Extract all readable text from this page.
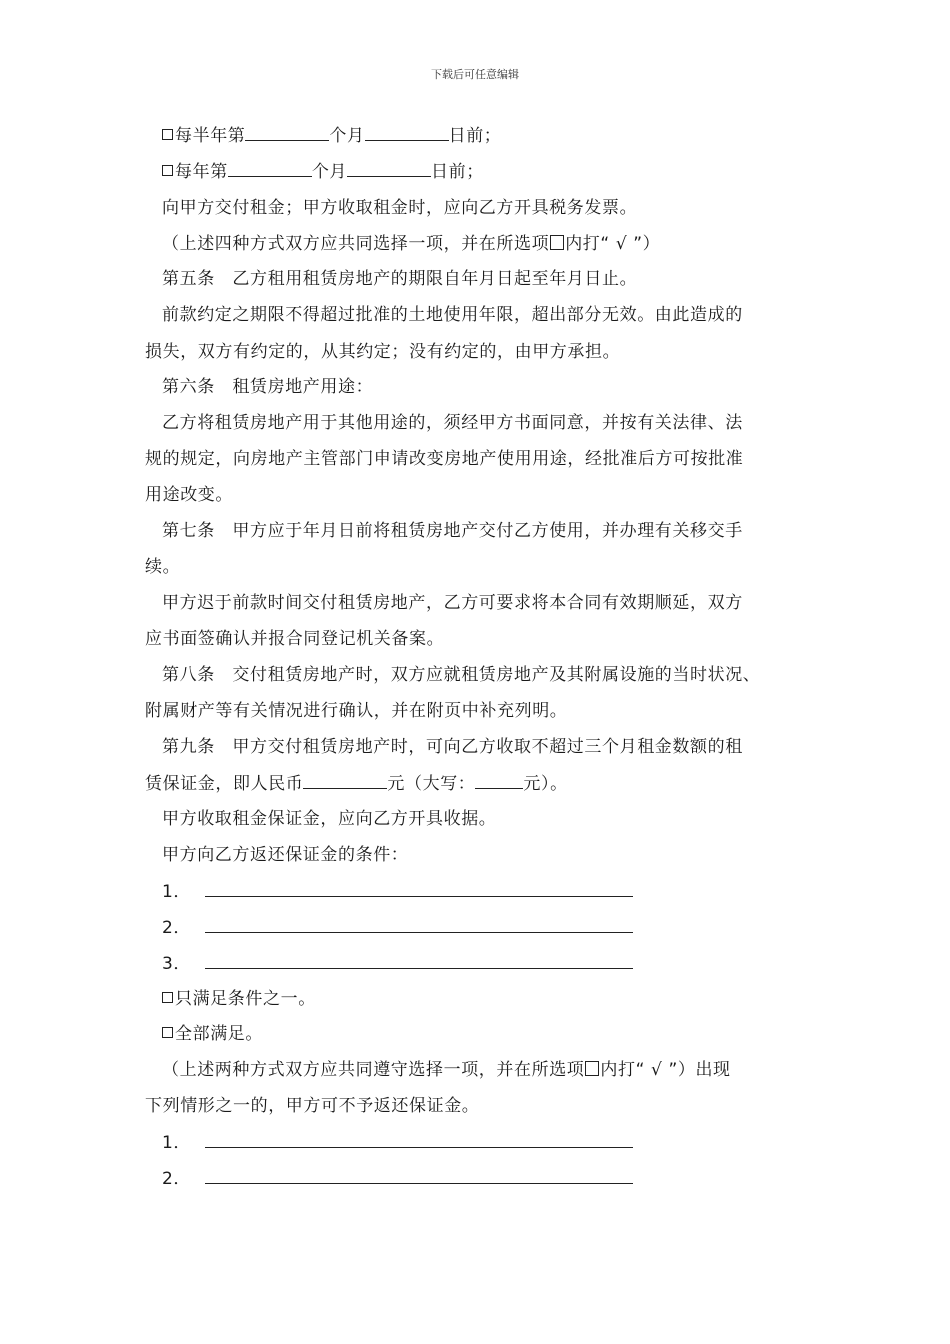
下载后可任意编辑
每半年第	个月	日前；
每年第	个月	日前；
向甲方交付租金；甲方收取租金时，应向乙方开具税务发票。
（上述四种方式双方应共同选择一项，并在所选项 内打“ √ ”）
第五条　乙方租用租赁房地产的期限自年月日起至年月日止。
前款约定之期限不得超过批准的土地使用年限，超出部分无效。由此造成的
损失，双方有约定的，从其约定；没有约定的，由甲方承担。
第六条　租赁房地产用途：
乙方将租赁房地产用于其他用途的，须经甲方书面同意，并按有关法律、法
规的规定，向房地产主管部门申请改变房地产使用用途，经批准后方可按批准
用途改变。
第七条　甲方应于年月日前将租赁房地产交付乙方使用，并办理有关移交手
续。
甲方迟于前款时间交付租赁房地产，乙方可要求将本合同有效期顺延，双方
应书面签确认并报合同登记机关备案。
第八条　交付租赁房地产时，双方应就租赁房地产及其附属设施的当时状况、
附属财产等有关情况进行确认，并在附页中补充列明。
第九条　甲方交付租赁房地产时，可向乙方收取不超过三个月租金数额的租
赁保证金，即人民币	元（大写：	元）。
甲方收取租金保证金，应向乙方开具收据。
甲方向乙方返还保证金的条件：
1．
2．
3．
只满足条件之一。
全部满足。
（上述两种方式双方应共同遵守选择一项，并在所选项 内打“ √ ”）出现
下列情形之一的，甲方可不予返还保证金。
1．
2．
